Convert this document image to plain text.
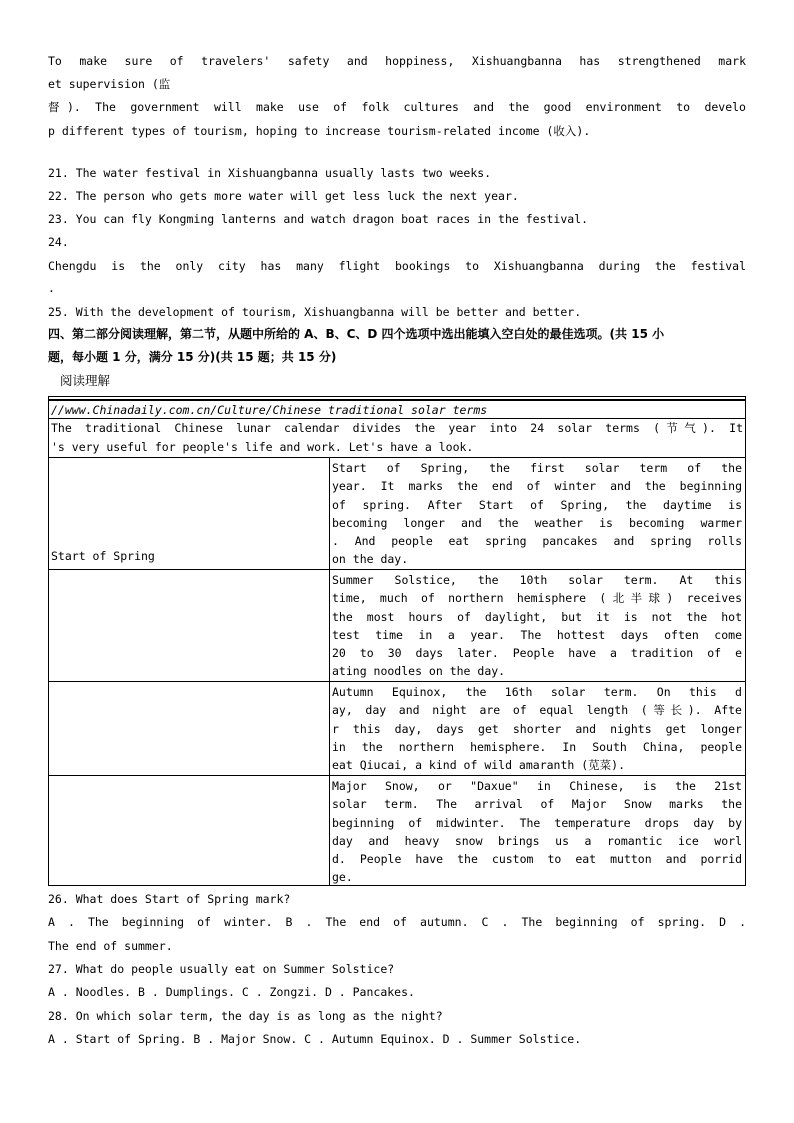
To make sure of travelers' safety and hoppiness, Xishuangbanna has strengthened mark
et supervision (监
督). The government will make use of folk cultures and the good environment to develo
p different types of tourism, hoping to increase tourism-related income (收入).
21. The water festival in Xishuangbanna usually lasts two weeks.
22. The person who gets more water will get less luck the next year.
23. You can fly Kongming lanterns and watch dragon boat races in the festival.
24.
Chengdu is the only city has many flight bookings to Xishuangbanna during the festival
.
25. With the development of tourism, Xishuangbanna will be better and better.
四、第二部分阅读理解，第二节，从题中所给的 A、B、C、D 四个选项中选出能填入空白处的最佳选项。(共 15 小
题，每小题 1 分，满分 15 分)(共 15 题；共 15 分)
阅读理解
//www.Chinadaily.com.cn/Culture/Chinese traditional solar terms
The traditional Chinese lunar calendar divides the year into 24 solar terms (节气). It
's very useful for people's life and work. Let's have a look.
Start of Spring
Start of Spring, the first solar term of the
year. It marks the end of winter and the beginning
of spring. After Start of Spring, the daytime is
becoming longer and the weather is becoming warmer
. And people eat spring pancakes and spring rolls
on the day.
Summer Solstice, the 10th solar term. At this
time, much of northern hemisphere (北半球) receives
the most hours of daylight, but it is not the hot
test time in a year. The hottest days often come
20 to 30 days later. People have a tradition of e
ating noodles on the day.
Autumn Equinox, the 16th solar term. On this d
ay, day and night are of equal length (等长). Afte
r this day, days get shorter and nights get longer
in the northern hemisphere. In South China, people
eat Qiucai, a kind of wild amaranth (苋菜).
Major Snow, or "Daxue" in Chinese, is the 21st
solar term. The arrival of Major Snow marks the
beginning of midwinter. The temperature drops day by
day and heavy snow brings us a romantic ice worl
d. People have the custom to eat mutton and porrid
ge.
26. What does Start of Spring mark?
A . The beginning of winter. B . The end of autumn. C . The beginning of spring. D .
The end of summer.
27. What do people usually eat on Summer Solstice?
A . Noodles. B . Dumplings. C . Zongzi. D . Pancakes.
28. On which solar term, the day is as long as the night?
A . Start of Spring. B . Major Snow. C . Autumn Equinox. D . Summer Solstice.
